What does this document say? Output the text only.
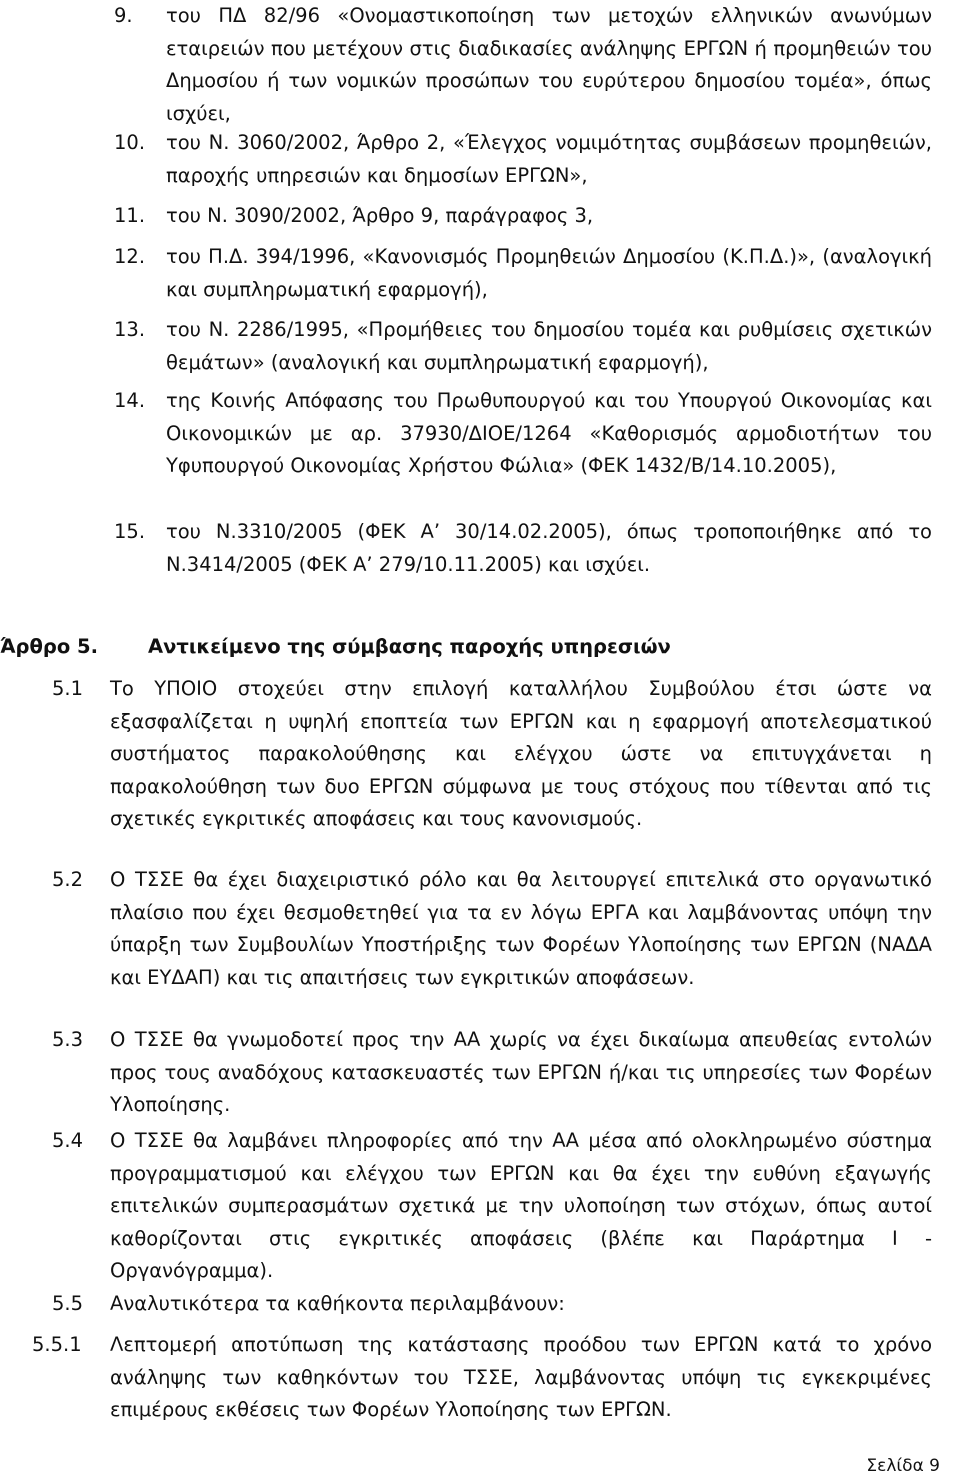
9. του ΠΔ 82/96 «Ονομαστικοποίηση των μετοχών ελληνικών ανωνύμων εταιρειών που μετέχουν στις διαδικασίες ανάληψης ΕΡΓΩΝ ή προμηθειών του Δημοσίου ή των νομικών προσώπων του ευρύτερου δημοσίου τομέα», όπως ισχύει,
10. του Ν. 3060/2002, Άρθρο 2, «Έλεγχος νομιμότητας συμβάσεων προμηθειών, παροχής υπηρεσιών και δημοσίων ΕΡΓΩΝ»,
11. του Ν. 3090/2002, Άρθρο 9, παράγραφος 3,
12. του Π.Δ. 394/1996, «Κανονισμός Προμηθειών Δημοσίου (Κ.Π.Δ.)», (αναλογική και συμπληρωματική εφαρμογή),
13. του Ν. 2286/1995, «Προμήθειες του δημοσίου τομέα και ρυθμίσεις σχετικών θεμάτων» (αναλογική και συμπληρωματική εφαρμογή),
14. της Κοινής Απόφασης του Πρωθυπουργού και του Υπουργού Οικονομίας και Οικονομικών με αρ. 37930/ΔΙΟΕ/1264 «Καθορισμός αρμοδιοτήτων του Υφυπουργού Οικονομίας Χρήστου Φώλια» (ΦΕΚ 1432/Β/14.10.2005),
15. του Ν.3310/2005 (ΦΕΚ Α’ 30/14.02.2005), όπως τροποποιήθηκε από το Ν.3414/2005 (ΦΕΚ Α’ 279/10.11.2005) και ισχύει.
Άρθρο 5.	Αντικείμενο της σύμβασης παροχής υπηρεσιών
5.1 Το ΥΠΟΙΟ στοχεύει στην επιλογή καταλλήλου Συμβούλου έτσι ώστε να εξασφαλίζεται η υψηλή εποπτεία των ΕΡΓΩΝ και η εφαρμογή αποτελεσματικού συστήματος παρακολούθησης και ελέγχου ώστε να επιτυγχάνεται η παρακολούθηση των δυο ΕΡΓΩΝ σύμφωνα με τους στόχους που τίθενται από τις σχετικές εγκριτικές αποφάσεις και τους κανονισμούς.
5.2 Ο ΤΣΣΕ θα έχει διαχειριστικό ρόλο και θα λειτουργεί επιτελικά στο οργανωτικό πλαίσιο που έχει θεσμοθετηθεί για τα εν λόγω ΕΡΓΑ και λαμβάνοντας υπόψη την ύπαρξη των Συμβουλίων Υποστήριξης των Φορέων Υλοποίησης των ΕΡΓΩΝ (ΝΑΔΑ και ΕΥΔΑΠ) και τις απαιτήσεις των εγκριτικών αποφάσεων.
5.3 Ο ΤΣΣΕ θα γνωμοδοτεί προς την ΑΑ χωρίς να έχει δικαίωμα απευθείας εντολών προς τους αναδόχους κατασκευαστές των ΕΡΓΩΝ ή/και τις υπηρεσίες των Φορέων Υλοποίησης.
5.4 Ο ΤΣΣΕ θα λαμβάνει πληροφορίες από την ΑΑ μέσα από ολοκληρωμένο σύστημα προγραμματισμού και ελέγχου των ΕΡΓΩΝ και θα έχει την ευθύνη εξαγωγής επιτελικών συμπερασμάτων σχετικά με την υλοποίηση των στόχων, όπως αυτοί καθορίζονται στις εγκριτικές αποφάσεις (βλέπε και Παράρτημα Ι - Οργανόγραμμα).
5.5 Αναλυτικότερα τα καθήκοντα περιλαμβάνουν:
5.5.1 Λεπτομερή αποτύπωση της κατάστασης προόδου των ΕΡΓΩΝ κατά το χρόνο ανάληψης των καθηκόντων του ΤΣΣΕ, λαμβάνοντας υπόψη τις εγκεκριμένες επιμέρους εκθέσεις των Φορέων Υλοποίησης των ΕΡΓΩΝ.
Σελίδα 9
